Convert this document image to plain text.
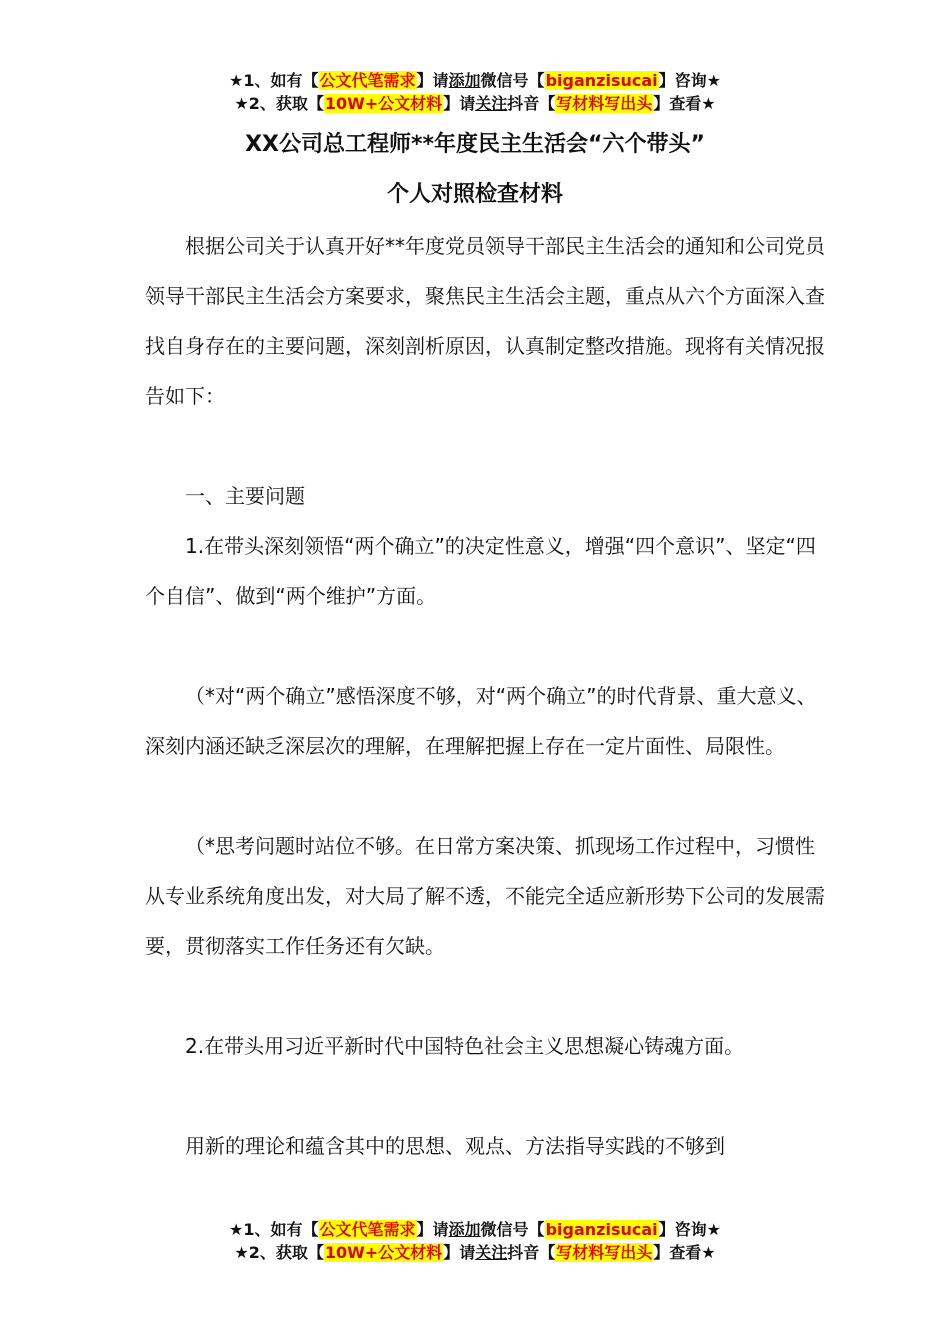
★1、如有【公文代笔需求】请添加微信号【biganzisucai】咨询★
★2、获取【10W+公文材料】请关注抖音【写材料写出头】查看★
XX公司总工程师**年度民主生活会“六个带头”
个人对照检查材料

根据公司关于认真开好**年度党员领导干部民主生活会的通知和公司党员领导干部民主生活会方案要求，聚焦民主生活会主题，重点从六个方面深入查找自身存在的主要问题，深刻剖析原因，认真制定整改措施。现将有关情况报告如下：

一、主要问题

1.在带头深刻领悟“两个确立”的决定性意义，增强“四个意识”、坚定“四个自信”、做到“两个维护”方面。

（*对“两个确立”感悟深度不够，对“两个确立”的时代背景、重大意义、深刻内涵还缺乏深层次的理解，在理解把握上存在一定片面性、局限性。

（*思考问题时站位不够。在日常方案决策、抓现场工作过程中，习惯性从专业系统角度出发，对大局了解不透，不能完全适应新形势下公司的发展需要，贯彻落实工作任务还有欠缺。

2.在带头用习近平新时代中国特色社会主义思想凝心铸魂方面。

用新的理论和蕴含其中的思想、观点、方法指导实践的不够到

★1、如有【公文代笔需求】请添加微信号【biganzisucai】咨询★
★2、获取【10W+公文材料】请关注抖音【写材料写出头】查看★
